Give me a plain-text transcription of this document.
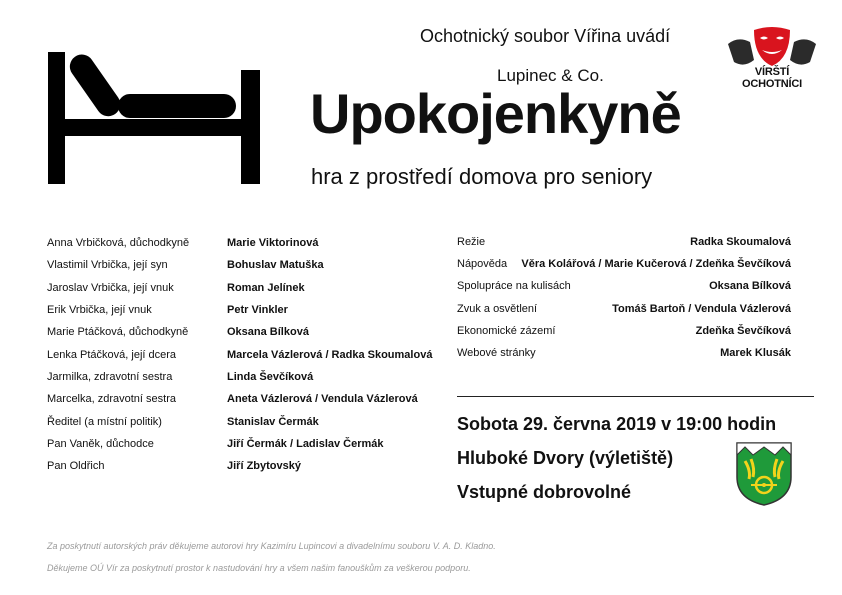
Ochotnický soubor Vířina uvádí
Lupinec & Co.
Upokojenkyně
hra z prostředí domova pro seniory
VÍRŠTÍ OCHOTNÍCI
Anna Vrbičková, důchodkyně	Marie Viktorinová
Vlastimil Vrbička, její syn	Bohuslav Matuška
Jaroslav Vrbička, její vnuk	Roman Jelínek
Erik Vrbička, její vnuk	Petr Vinkler
Marie Ptáčková, důchodkyně	Oksana Bílková
Lenka Ptáčková, její dcera	Marcela Vázlerová / Radka Skoumalová
Jarmilka, zdravotní sestra	Linda Ševčíková
Marcelka, zdravotní sestra	Aneta Vázlerová / Vendula Vázlerová
Ředitel (a místní politik)	Stanislav Čermák
Pan Vaněk, důchodce	Jiří Čermák / Ladislav Čermák
Pan Oldřich	Jiří Zbytovský
Režie	Radka Skoumalová
Nápověda Věra Kolářová / Marie Kučerová / Zdeňka Ševčíková
Spolupráce na kulisách	Oksana Bílková
Zvuk a osvětlení	Tomáš Bartoň / Vendula Vázlerová
Ekonomické zázemí	Zdeňka Ševčíková
Webové stránky	Marek Klusák
Sobota 29. června 2019 v 19:00 hodin
Hluboké Dvory (výletiště)
Vstupné dobrovolné
Za poskytnutí autorských práv děkujeme autorovi hry Kazimíru Lupincovi a divadelnímu souboru V. A. D. Kladno.
Děkujeme OÚ Vír za poskytnutí prostor k nastudování hry a všem našim fanouškům za veškerou podporu.
